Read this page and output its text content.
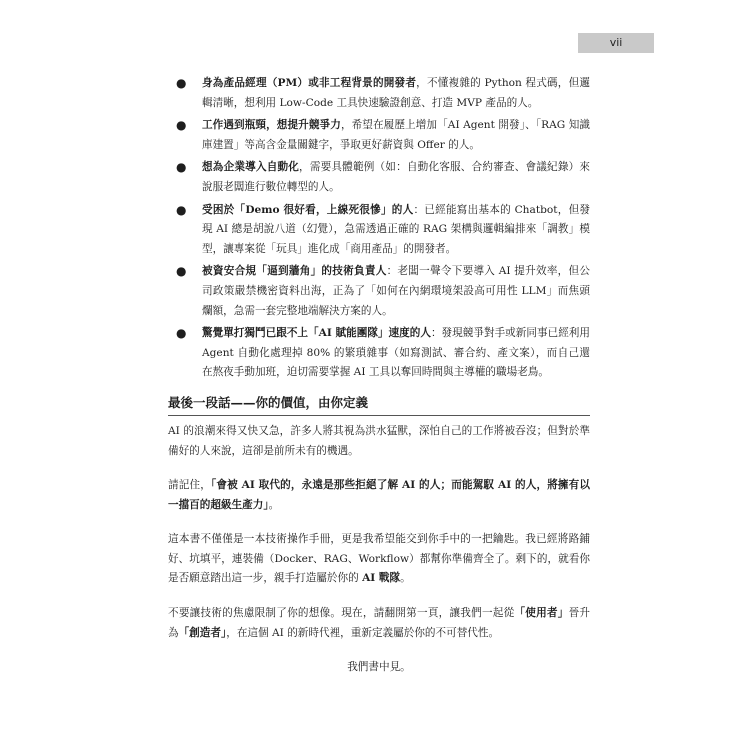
vii
● 身為產品經理（PM）或非工程背景的開發者，不懂複雜的 Python 程式碼，但邏輯清晰，想利用 Low-Code 工具快速驗證創意、打造 MVP 產品的人。
● 工作遇到瓶頸，想提升競爭力，希望在履歷上增加「AI Agent 開發」、「RAG 知識庫建置」等高含金量關鍵字，爭取更好薪資與 Offer 的人。
● 想為企業導入自動化，需要具體範例（如：自動化客服、合約審查、會議紀錄）來說服老闆進行數位轉型的人。
● 受困於「Demo 很好看，上線死很慘」的人：已經能寫出基本的 Chatbot，但發現 AI 總是胡說八道（幻覺），急需透過正確的 RAG 架構與邏輯編排來「調教」模型，讓專案從「玩具」進化成「商用產品」的開發者。
● 被資安合規「逼到牆角」的技術負責人：老闆一聲令下要導入 AI 提升效率，但公司政策嚴禁機密資料出海，正為了「如何在內網環境架設高可用性 LLM」而焦頭爛額，急需一套完整地端解決方案的人。
● 驚覺單打獨鬥已跟不上「AI 賦能團隊」速度的人：發現競爭對手或新同事已經利用 Agent 自動化處理掉 80% 的繁瑣雜事（如寫測試、審合約、產文案），而自己還在熬夜手動加班，迫切需要掌握 AI 工具以奪回時間與主導權的職場老鳥。
最後一段話——你的價值，由你定義

AI 的浪潮來得又快又急，許多人將其視為洪水猛獸，深怕自己的工作將被吞沒；但對於準備好的人來說，這卻是前所未有的機遇。

請記住，「會被 AI 取代的，永遠是那些拒絕了解 AI 的人；而能駕馭 AI 的人，將擁有以一擋百的超級生產力」。

這本書不僅僅是一本技術操作手冊，更是我希望能交到你手中的一把鑰匙。我已經將路鋪好、坑填平，連裝備（Docker、RAG、Workflow）都幫你準備齊全了。剩下的，就看你是否願意踏出這一步，親手打造屬於你的 AI 戰隊。

不要讓技術的焦慮限制了你的想像。現在，請翻開第一頁，讓我們一起從「使用者」晉升為「創造者」，在這個 AI 的新時代裡，重新定義屬於你的不可替代性。

我們書中見。
